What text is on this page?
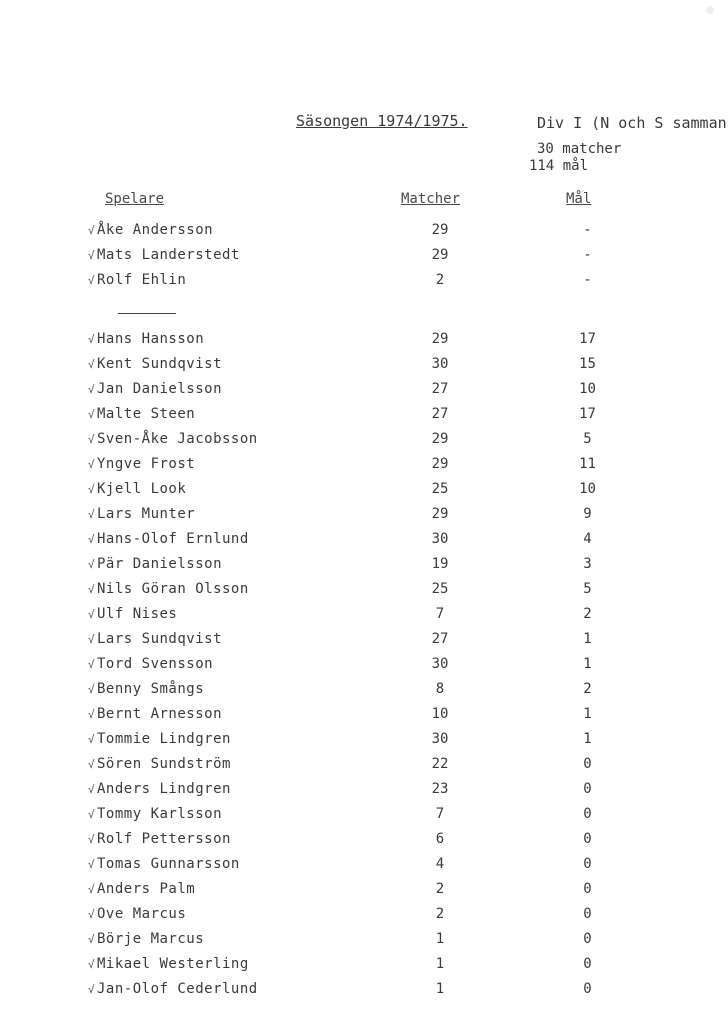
Säsongen 1974/1975.	Div I (N och S samman
30 matcher
114 mål
Spelare	Matcher	Mål
√ Åke Andersson	29	-
√ Mats Landerstedt	29	-
√ Rolf Ehlin	2	-
√ Hans Hansson	29	17
√ Kent Sundqvist	30	15
√ Jan Danielsson	27	10
√ Malte Steen	27	17
√ Sven-Åke Jacobsson	29	5
√ Yngve Frost	29	11
√ Kjell Look	25	10
√ Lars Munter	29	9
√ Hans-Olof Ernlund	30	4
√ Pär Danielsson	19	3
√ Nils Göran Olsson	25	5
√ Ulf Nises	7	2
√ Lars Sundqvist	27	1
√ Tord Svensson	30	1
√ Benny Smångs	8	2
√ Bernt Arnesson	10	1
√ Tommie Lindgren	30	1
√ Sören Sundström	22	0
√ Anders Lindgren	23	0
√ Tommy Karlsson	7	0
√ Rolf Pettersson	6	0
√ Tomas Gunnarsson	4	0
√ Anders Palm	2	0
√ Ove Marcus	2	0
√ Börje Marcus	1	0
√ Mikael Westerling	1	0
√ Jan-Olof Cederlund	1	0
